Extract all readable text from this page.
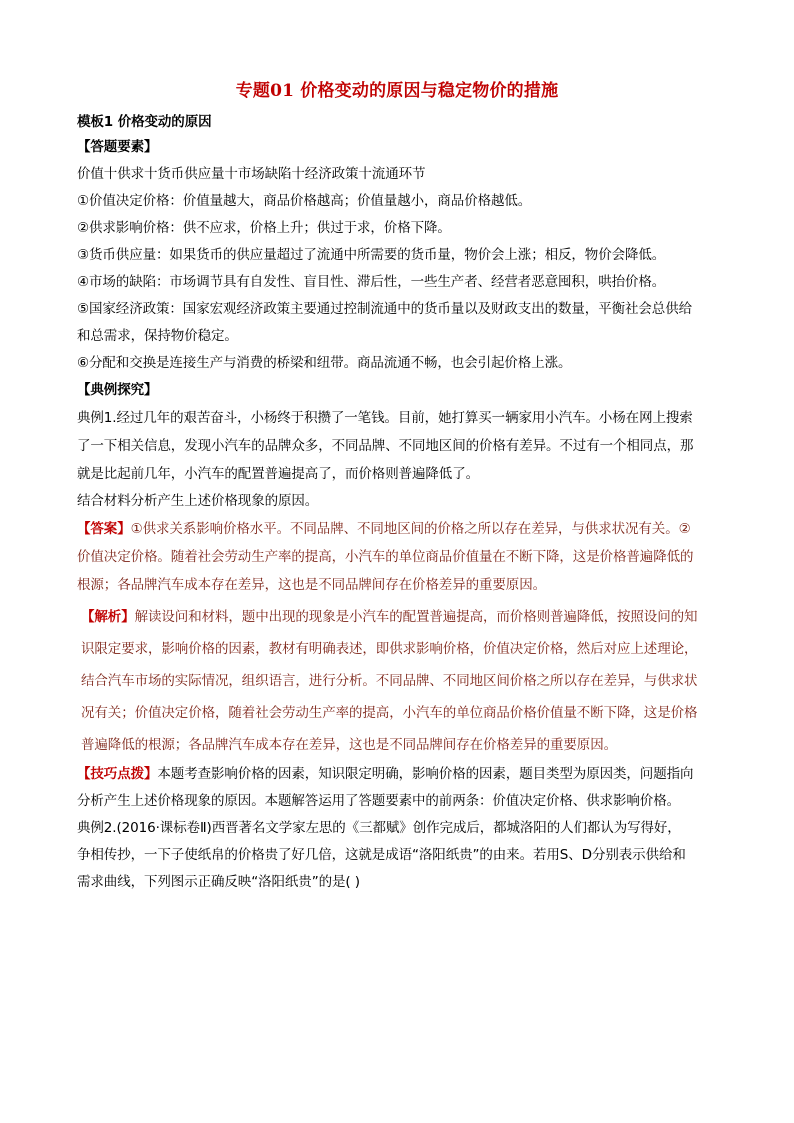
专题01 价格变动的原因与稳定物价的措施
模板1 价格变动的原因
【答题要素】
价值十供求十货币供应量十市场缺陷十经济政策十流通环节
①价值决定价格：价值量越大，商品价格越高；价值量越小，商品价格越低。
②供求影响价格：供不应求，价格上升；供过于求，价格下降。
③货币供应量：如果货币的供应量超过了流通中所需要的货币量，物价会上涨；相反，物价会降低。
④市场的缺陷：市场调节具有自发性、盲目性、滞后性，一些生产者、经营者恶意囤积，哄抬价格。
⑤国家经济政策：国家宏观经济政策主要通过控制流通中的货币量以及财政支出的数量，平衡社会总供给
和总需求，保持物价稳定。
⑥分配和交换是连接生产与消费的桥梁和纽带。商品流通不畅，也会引起价格上涨。
【典例探究】
典例1.经过几年的艰苦奋斗，小杨终于积攒了一笔钱。目前，她打算买一辆家用小汽车。小杨在网上搜索
了一下相关信息，发现小汽车的品牌众多，不同品牌、不同地区间的价格有差异。不过有一个相同点，那
就是比起前几年，小汽车的配置普遍提高了，而价格则普遍降低了。
结合材料分析产生上述价格现象的原因。
【答案】①供求关系影响价格水平。不同品牌、不同地区间的价格之所以存在差异，与供求状况有关。②
价值决定价格。随着社会劳动生产率的提高，小汽车的单位商品价值量在不断下降，这是价格普遍降低的
根源；各品牌汽车成本存在差异，这也是不同品牌间存在价格差异的重要原因。
【解析】解读设问和材料，题中出现的现象是小汽车的配置普遍提高，而价格则普遍降低，按照设问的知
识限定要求，影响价格的因素，教材有明确表述，即供求影响价格，价值决定价格，然后对应上述理论，
结合汽车市场的实际情况，组织语言，进行分析。不同品牌、不同地区间价格之所以存在差异，与供求状
况有关；价值决定价格，随着社会劳动生产率的提高，小汽车的单位商品价格价值量不断下降，这是价格
普遍降低的根源；各品牌汽车成本存在差异，这也是不同品牌间存在价格差异的重要原因。
【技巧点拨】本题考查影响价格的因素，知识限定明确，影响价格的因素，题目类型为原因类，问题指向
分析产生上述价格现象的原因。本题解答运用了答题要素中的前两条：价值决定价格、供求影响价格。
典例2.(2016·课标卷Ⅱ)西晋著名文学家左思的《三都赋》创作完成后，都城洛阳的人们都认为写得好，
争相传抄，一下子使纸帛的价格贵了好几倍，这就是成语“洛阳纸贵”的由来。若用S、D分别表示供给和
需求曲线，下列图示正确反映“洛阳纸贵”的是( )
